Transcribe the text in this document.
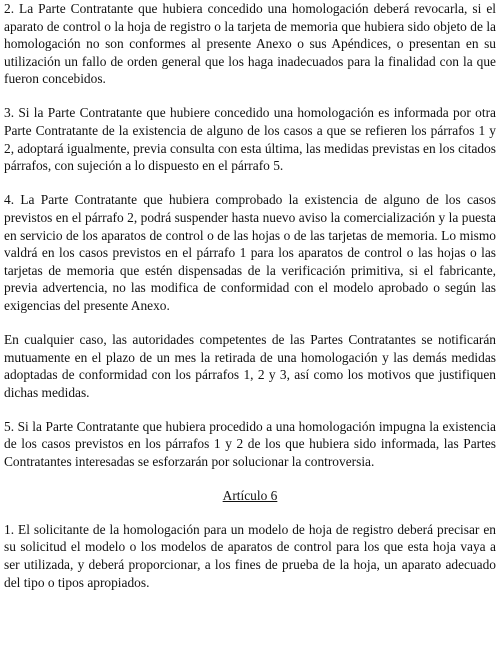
2. La Parte Contratante que hubiera concedido una homologación deberá revocarla, si el aparato de control o la hoja de registro o la tarjeta de memoria que hubiera sido objeto de la homologación no son conformes al presente Anexo o sus Apéndices, o presentan en su utilización un fallo de orden general que los haga inadecuados para la finalidad con la que fueron concebidos.

3. Si la Parte Contratante que hubiere concedido una homologación es informada por otra Parte Contratante de la existencia de alguno de los casos a que se refieren los párrafos 1 y 2, adoptará igualmente, previa consulta con esta última, las medidas previstas en los citados párrafos, con sujeción a lo dispuesto en el párrafo 5.

4. La Parte Contratante que hubiera comprobado la existencia de alguno de los casos previstos en el párrafo 2, podrá suspender hasta nuevo aviso la comercialización y la puesta en servicio de los aparatos de control o de las hojas o de las tarjetas de memoria. Lo mismo valdrá en los casos previstos en el párrafo 1 para los aparatos de control o las hojas o las tarjetas de memoria que estén dispensadas de la verificación primitiva, si el fabricante, previa advertencia, no las modifica de conformidad con el modelo aprobado o según las exigencias del presente Anexo.

En cualquier caso, las autoridades competentes de las Partes Contratantes se notificarán mutuamente en el plazo de un mes la retirada de una homologación y las demás medidas adoptadas de conformidad con los párrafos 1, 2 y 3, así como los motivos que justifiquen dichas medidas.

5. Si la Parte Contratante que hubiera procedido a una homologación impugna la existencia de los casos previstos en los párrafos 1 y 2 de los que hubiera sido informada, las Partes Contratantes interesadas se esforzarán por solucionar la controversia.

Artículo 6

1. El solicitante de la homologación para un modelo de hoja de registro deberá precisar en su solicitud el modelo o los modelos de aparatos de control para los que esta hoja vaya a ser utilizada, y deberá proporcionar, a los fines de prueba de la hoja, un aparato adecuado del tipo o tipos apropiados.
